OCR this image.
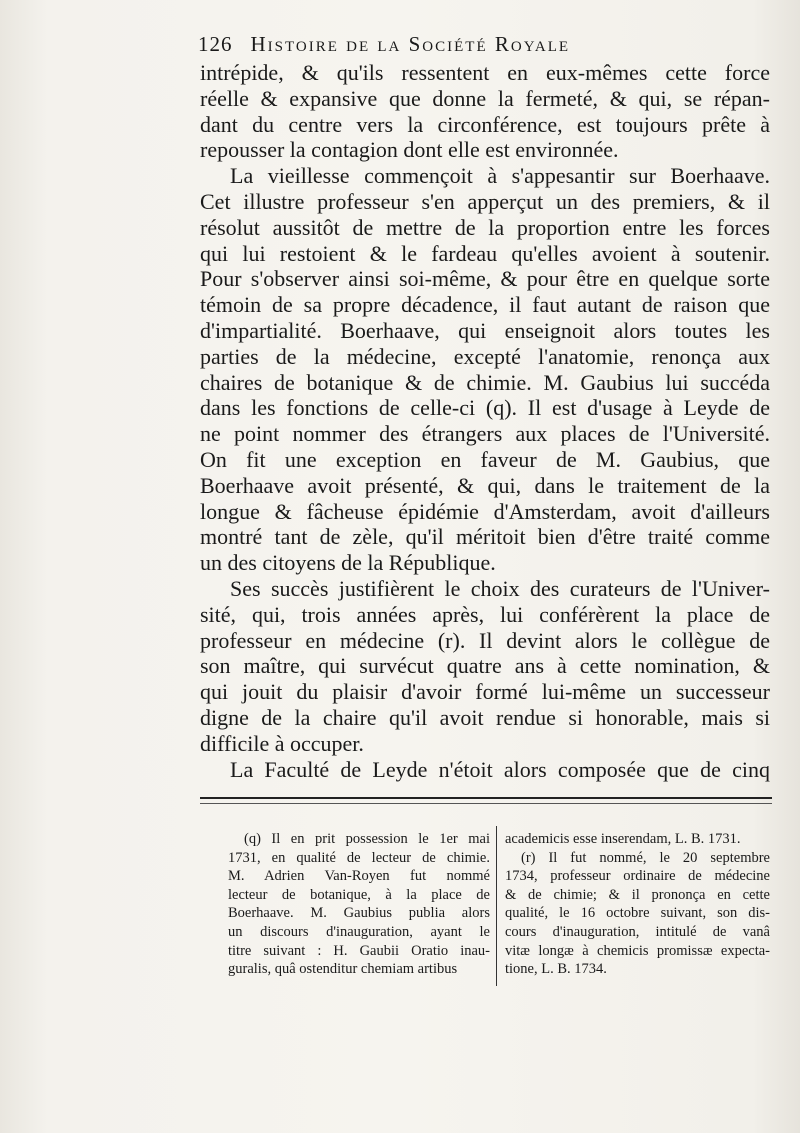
126 Histoire de la Société Royale
intrépide, & qu'ils ressentent en eux-mêmes cette force
réelle & expansive que donne la fermeté, & qui, se répan-
dant du centre vers la circonférence, est toujours prête à
repousser la contagion dont elle est environnée.
La vieillesse commençoit à s'appesantir sur Boerhaave.
Cet illustre professeur s'en apperçut un des premiers, & il
résolut aussitôt de mettre de la proportion entre les forces
qui lui restoient & le fardeau qu'elles avoient à soutenir.
Pour s'observer ainsi soi-même, & pour être en quelque sorte
témoin de sa propre décadence, il faut autant de raison que
d'impartialité. Boerhaave, qui enseignoit alors toutes les
parties de la médecine, excepté l'anatomie, renonça aux
chaires de botanique & de chimie. M. Gaubius lui succéda
dans les fonctions de celle-ci (q). Il est d'usage à Leyde de
ne point nommer des étrangers aux places de l'Université.
On fit une exception en faveur de M. Gaubius, que
Boerhaave avoit présenté, & qui, dans le traitement de la
longue & fâcheuse épidémie d'Amsterdam, avoit d'ailleurs
montré tant de zèle, qu'il méritoit bien d'être traité comme
un des citoyens de la République.
Ses succès justifièrent le choix des curateurs de l'Univer-
sité, qui, trois années après, lui conférèrent la place de
professeur en médecine (r). Il devint alors le collègue de
son maître, qui survécut quatre ans à cette nomination, &
qui jouit du plaisir d'avoir formé lui-même un successeur
digne de la chaire qu'il avoit rendue si honorable, mais si
difficile à occuper.
La Faculté de Leyde n'étoit alors composée que de cinq
(q) Il en prit possession le 1er mai
1731, en qualité de lecteur de chimie.
M. Adrien Van-Royen fut nommé
lecteur de botanique, à la place de
Boerhaave. M. Gaubius publia alors
un discours d'inauguration, ayant le
titre suivant : H. Gaubii Oratio inau-
guralis, quâ ostenditur chemiam artibus
academicis esse inserendam, L. B. 1731.
(r) Il fut nommé, le 20 septembre
1734, professeur ordinaire de médecine
& de chimie; & il prononça en cette
qualité, le 16 octobre suivant, son dis-
cours d'inauguration, intitulé de vanâ
vitæ longæ à chemicis promissæ expecta-
tione, L. B. 1734.
